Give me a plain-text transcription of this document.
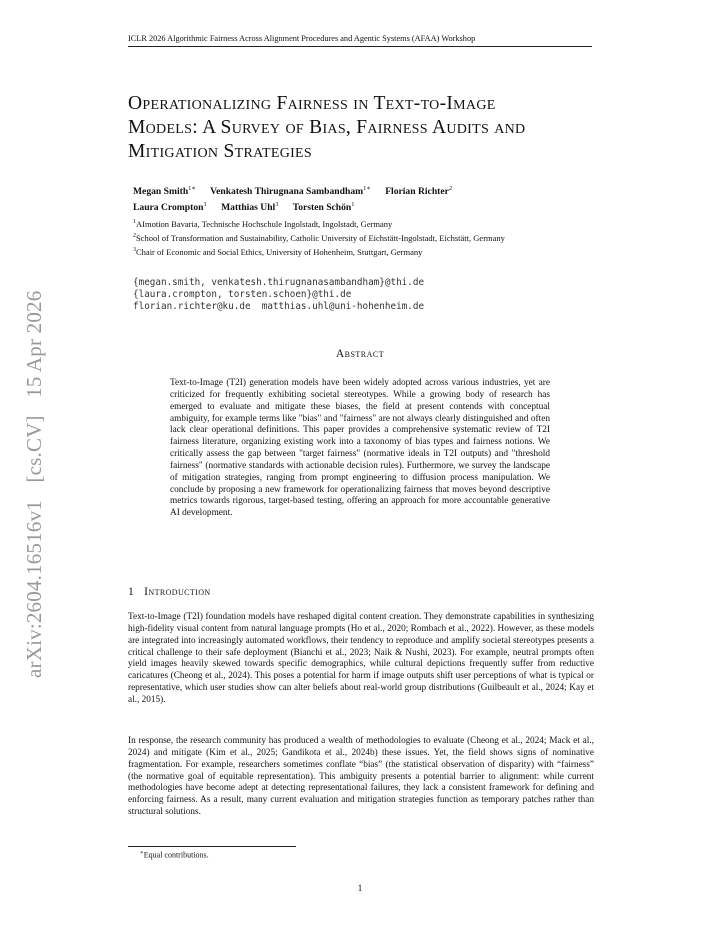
ICLR 2026 Algorithmic Fairness Across Alignment Procedures and Agentic Systems (AFAA) Workshop
arXiv:2604.16516v1 [cs.CV] 15 Apr 2026
Operationalizing Fairness in Text-to-Image
Models: A Survey of Bias, Fairness Audits and
Mitigation Strategies
Megan Smith$^{1∗}$ Venkatesh Thirugnana Sambandham$^{1∗}$ Florian Richter$^2$
Laura Crompton$^1$ Matthias Uhl$^3$ Torsten Schön$^1$
$^1$AImotion Bavaria, Technische Hochschule Ingolstadt, Ingolstadt, Germany
$^2$School of Transformation and Sustainability, Catholic University of Eichstätt-Ingolstadt, Eichstätt, Germany
$^3$Chair of Economic and Social Ethics, University of Hohenheim, Stuttgart, Germany
{megan.smith, venkatesh.thirugnanasambandham}@thi.de
{laura.crompton, torsten.schoen}@thi.de
florian.richter@ku.de  matthias.uhl@uni-hohenheim.de
Abstract
Text-to-Image (T2I) generation models have been widely adopted across various industries, yet are criticized for frequently exhibiting societal stereotypes. While a growing body of research has emerged to evaluate and mitigate these biases, the field at present contends with conceptual ambiguity, for example terms like "bias" and "fairness" are not always clearly distinguished and often lack clear operational definitions. This paper provides a comprehensive systematic review of T2I fairness literature, organizing existing work into a taxonomy of bias types and fairness notions. We critically assess the gap between "target fairness" (normative ideals in T2I outputs) and "threshold fairness" (normative standards with actionable decision rules). Furthermore, we survey the landscape of mitigation strategies, ranging from prompt engineering to diffusion process manipulation. We conclude by proposing a new framework for operationalizing fairness that moves beyond descriptive metrics towards rigorous, target-based testing, offering an approach for more accountable generative AI development.
1 Introduction
Text-to-Image (T2I) foundation models have reshaped digital content creation. They demonstrate capabilities in synthesizing high-fidelity visual content from natural language prompts (Ho et al., 2020; Rombach et al., 2022). However, as these models are integrated into increasingly automated workflows, their tendency to reproduce and amplify societal stereotypes presents a critical challenge to their safe deployment (Bianchi et al., 2023; Naik & Nushi, 2023). For example, neutral prompts often yield images heavily skewed towards specific demographics, while cultural depictions frequently suffer from reductive caricatures (Cheong et al., 2024). This poses a potential for harm if image outputs shift user perceptions of what is typical or representative, which user studies show can alter beliefs about real-world group distributions (Guilbeault et al., 2024; Kay et al., 2015).
In response, the research community has produced a wealth of methodologies to evaluate (Cheong et al., 2024; Mack et al., 2024) and mitigate (Kim et al., 2025; Gandikota et al., 2024b) these issues. Yet, the field shows signs of nominative fragmentation. For example, researchers sometimes conflate “bias” (the statistical observation of disparity) with “fairness” (the normative goal of equitable representation). This ambiguity presents a potential barrier to alignment: while current methodologies have become adept at detecting representational failures, they lack a consistent framework for defining and enforcing fairness. As a result, many current evaluation and mitigation strategies function as temporary patches rather than structural solutions.
∗Equal contributions.
1
